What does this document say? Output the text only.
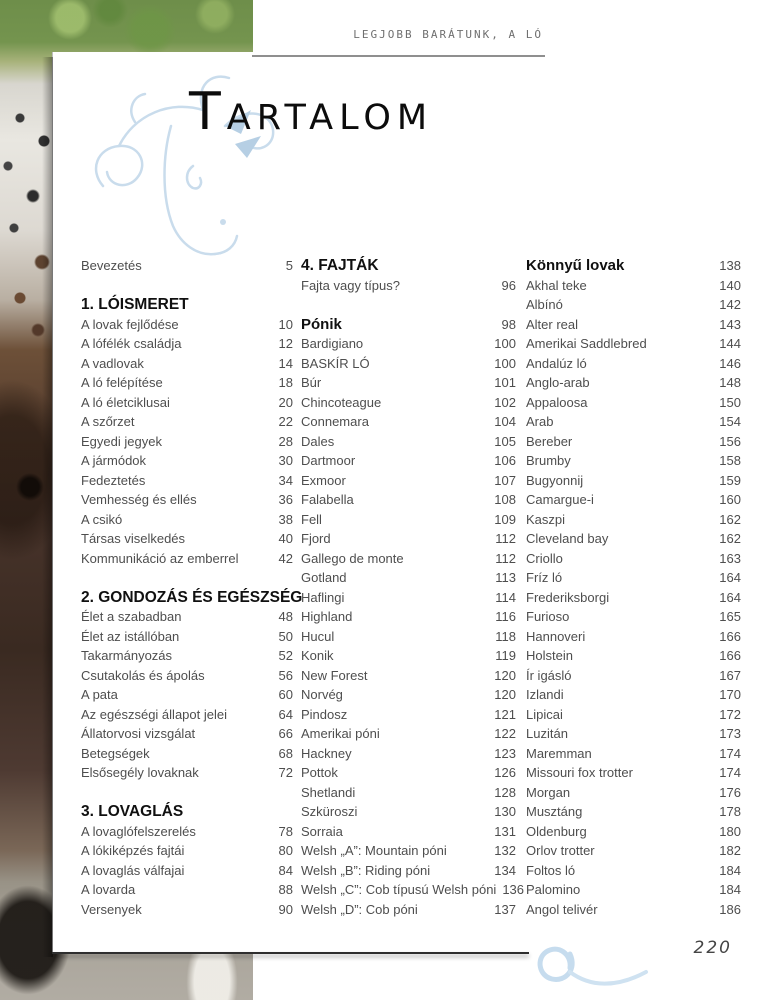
T ARTALOM
Bevezetés	5
1. LÓISMERET
A lovak fejlődése	10
A lófélék családja	12
A vadlovak	14
A ló felépítése	18
A ló életciklusai	20
A szőrzet	22
Egyedi jegyek	28
A jármódok	30
Fedeztetés	34
Vemhesség és ellés	36
A csikó	38
Társas viselkedés	40
Kommunikáció az emberrel	42
2. GONDOZÁS ÉS EGÉSZSÉG
Élet a szabadban	48
Élet az istállóban	50
Takarmányozás	52
Csutakolás és ápolás	56
A pata	60
Az egészségi állapot jelei	64
Állatorvosi vizsgálat	66
Betegségek	68
Elsősegély lovaknak	72
3. LOVAGLÁS
A lovaglófelszerelés	78
A lókiképzés fajtái	80
A lovaglás válfajai	84
A lovarda	88
Versenyek	90
4. FAJTÁK
Fajta vagy típus?	96
Pónik	98
Bardigiano	100
BASKÍR LÓ	100
Búr	101
Chincoteague	102
Connemara	104
Dales	105
Dartmoor	106
Exmoor	107
Falabella	108
Fell	109
Fjord	112
Gallego de monte	112
Gotland	113
Haflingi	114
Highland	116
Hucul	118
Konik	119
New Forest	120
Norvég	120
Pindosz	121
Amerikai póni	122
Hackney	123
Pottok	126
Shetlandi	128
Szküroszi	130
Sorraia	131
Welsh „A”: Mountain póni	132
Welsh „B”: Riding póni	134
Welsh „C”: Cob típusú Welsh póni 136
Welsh „D”: Cob póni	137
Könnyű lovak	138
Akhal teke	140
Albínó	142
Alter real	143
Amerikai Saddlebred	144
Andalúz ló	146
Anglo-arab	148
Appaloosa	150
Arab	154
Bereber	156
Brumby	158
Bugyonnij	159
Camargue-i	160
Kaszpi	162
Cleveland bay	162
Criollo	163
Fríz ló	164
Frederiksborgi	164
Furioso	165
Hannoveri	166
Holstein	166
Ír igásló	167
Izlandi	170
Lipicai	172
Luzitán	173
Maremman	174
Missouri fox trotter	174
Morgan	176
Musztáng	178
Oldenburg	180
Orlov trotter	182
Foltos ló	184
Palomino	184
Angol telivér	186
LEGJOBB BARÁTUNK, A LÓ
220
